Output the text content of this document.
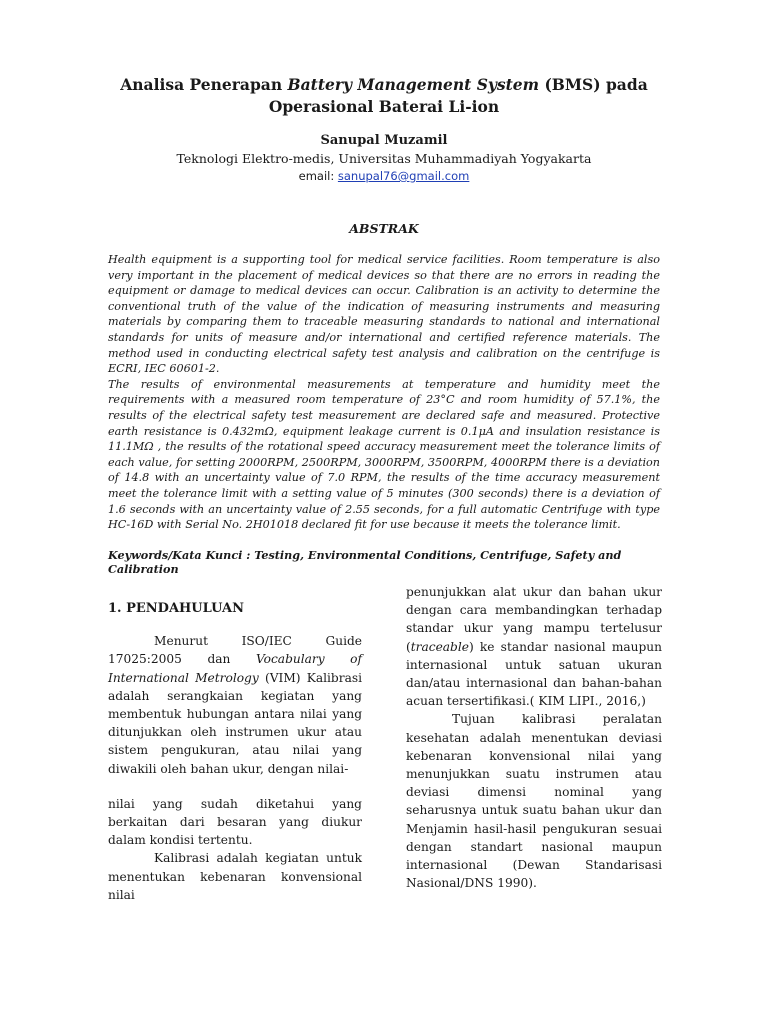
Analisa Penerapan Battery Management System (BMS) pada
Operasional Baterai Li-ion
Sanupal Muzamil
Teknologi Elektro-medis, Universitas Muhammadiyah Yogyakarta
email: sanupal76@gmail.com
ABSTRAK

Health equipment is a supporting tool for medical service facilities. Room temperature is also very important in the placement of medical devices so that there are no errors in reading the equipment or damage to medical devices can occur. Calibration is an activity to determine the conventional truth of the value of the indication of measuring instruments and measuring materials by comparing them to traceable measuring standards to national and international standards for units of measure and/or international and certified reference materials. The method used in conducting electrical safety test analysis and calibration on the centrifuge is ECRI, IEC 60601-2.

The results of environmental measurements at temperature and humidity meet the requirements with a measured room temperature of 23°C and room humidity of 57.1%, the results of the electrical safety test measurement are declared safe and measured. Protective earth resistance is 0.432mΩ, equipment leakage current is 0.1μA and insulation resistance is 11.1MΩ , the results of the rotational speed accuracy measurement meet the tolerance limits of each value, for setting 2000RPM, 2500RPM, 3000RPM, 3500RPM, 4000RPM there is a deviation of 14.8 with an uncertainty value of 7.0 RPM, the results of the time accuracy measurement meet the tolerance limit with a setting value of 5 minutes (300 seconds) there is a deviation of 1.6 seconds with an uncertainty value of 2.55 seconds, for a full automatic Centrifuge with type HC-16D with Serial No. 2H01018 declared fit for use because it meets the tolerance limit.

Keywords/Kata Kunci : Testing, Environmental Conditions, Centrifuge, Safety and Calibration

1. PENDAHULUAN

Menurut ISO/IEC Guide 17025:2005 dan Vocabulary of International Metrology (VIM) Kalibrasi adalah serangkaian kegiatan yang membentuk hubungan antara nilai yang ditunjukkan oleh instrumen ukur atau sistem pengukuran, atau nilai yang diwakili oleh bahan ukur, dengan nilai-

nilai yang sudah diketahui yang berkaitan dari besaran yang diukur dalam kondisi tertentu.

Kalibrasi adalah kegiatan untuk menentukan kebenaran konvensional nilai

penunjukkan alat ukur dan bahan ukur dengan cara membandingkan terhadap standar ukur yang mampu tertelusur (traceable) ke standar nasional maupun internasional untuk satuan ukuran dan/atau internasional dan bahan-bahan acuan tersertifikasi.( KIM LIPI., 2016,)

Tujuan kalibrasi peralatan kesehatan adalah menentukan deviasi kebenaran konvensional nilai yang menunjukkan suatu instrumen atau deviasi dimensi nominal yang seharusnya untuk suatu bahan ukur dan Menjamin hasil-hasil pengukuran sesuai dengan standart nasional maupun internasional (Dewan Standarisasi Nasional/DNS 1990).
